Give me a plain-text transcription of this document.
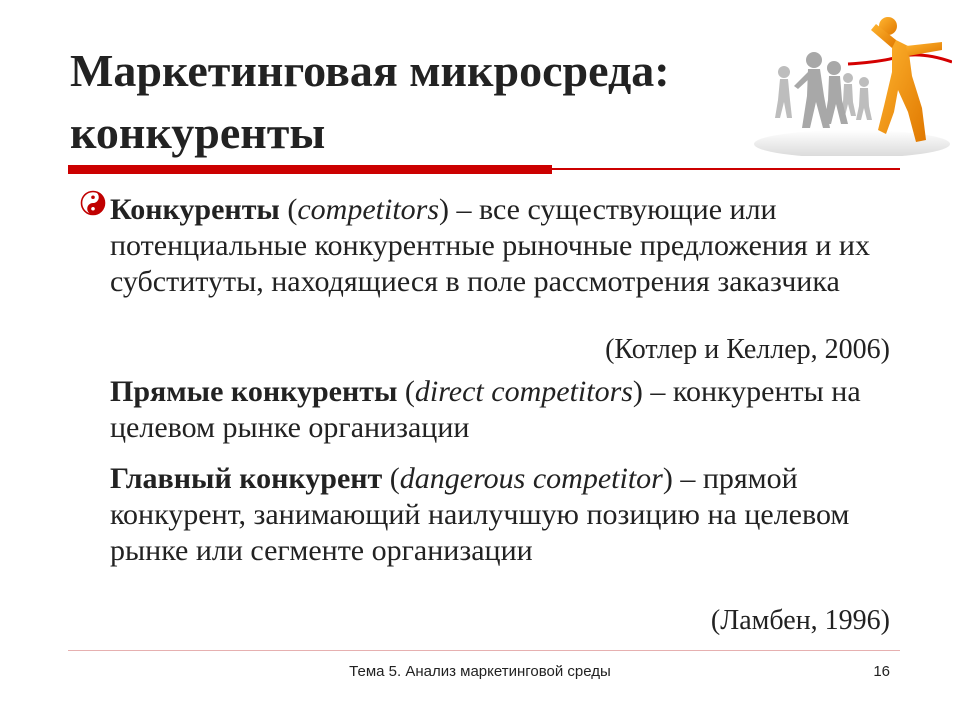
Маркетинговая микросреда:
конкуренты
Конкуренты (competitors) – все существующие или потенциальные конкурентные рыночные предложения и их субституты, находящиеся в поле рассмотрения заказчика
(Котлер и Келлер, 2006)
Прямые конкуренты (direct competitors) – конкуренты на целевом рынке организации
Главный конкурент (dangerous competitor) – прямой конкурент, занимающий наилучшую позицию на целевом рынке или сегменте организации
(Ламбен, 1996)
Тема 5. Анализ маркетинговой среды	16
